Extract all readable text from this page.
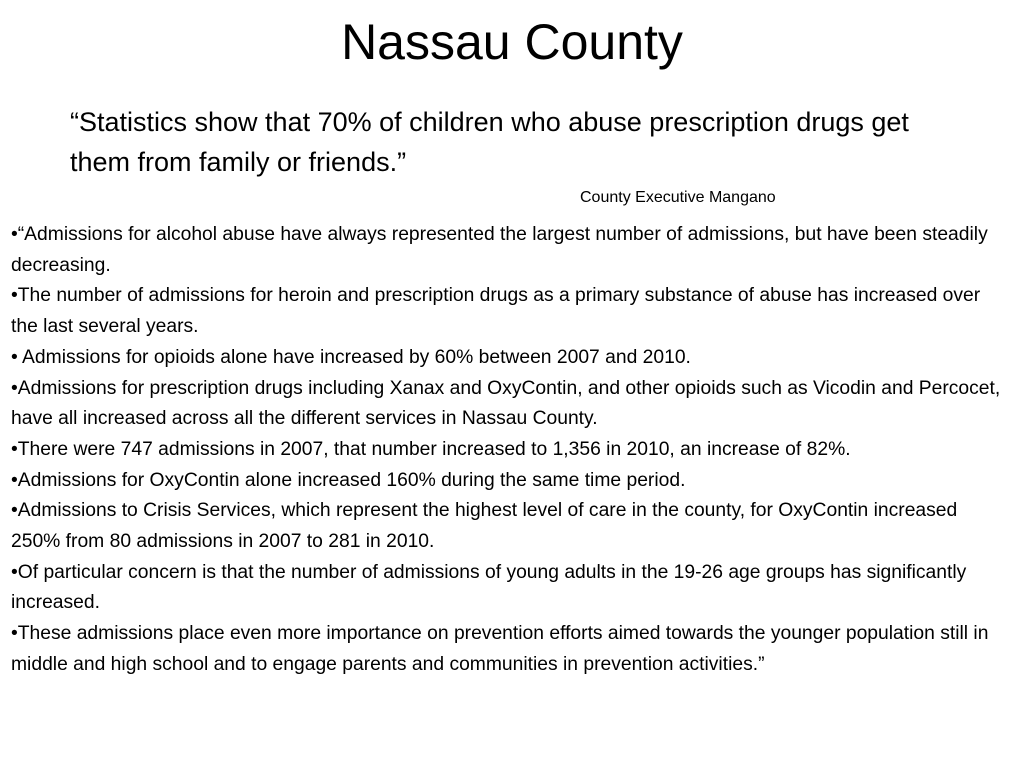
Nassau County

“Statistics show that 70% of children who abuse prescription drugs get them from family or friends.”

County Executive Mangano

•“Admissions for alcohol abuse have always represented the largest number of admissions, but have been steadily decreasing.
•The number of admissions for heroin and prescription drugs as a primary substance of abuse has increased over the last several years.
• Admissions for opioids alone have increased by 60% between 2007 and 2010.
•Admissions for prescription drugs including Xanax and OxyContin, and other opioids such as Vicodin and Percocet, have all increased across all the different services in Nassau County.
•There were 747 admissions in 2007, that number increased to 1,356 in 2010, an increase of 82%.
•Admissions for OxyContin alone increased 160% during the same time period.
•Admissions to Crisis Services, which represent the highest level of care in the county, for OxyContin increased 250% from 80 admissions in 2007 to 281 in 2010.
•Of particular concern is that the number of admissions of young adults in the 19-26 age groups has significantly increased.
•These admissions place even more importance on prevention efforts aimed towards the younger population still in middle and high school and to engage parents and communities in prevention activities.”
